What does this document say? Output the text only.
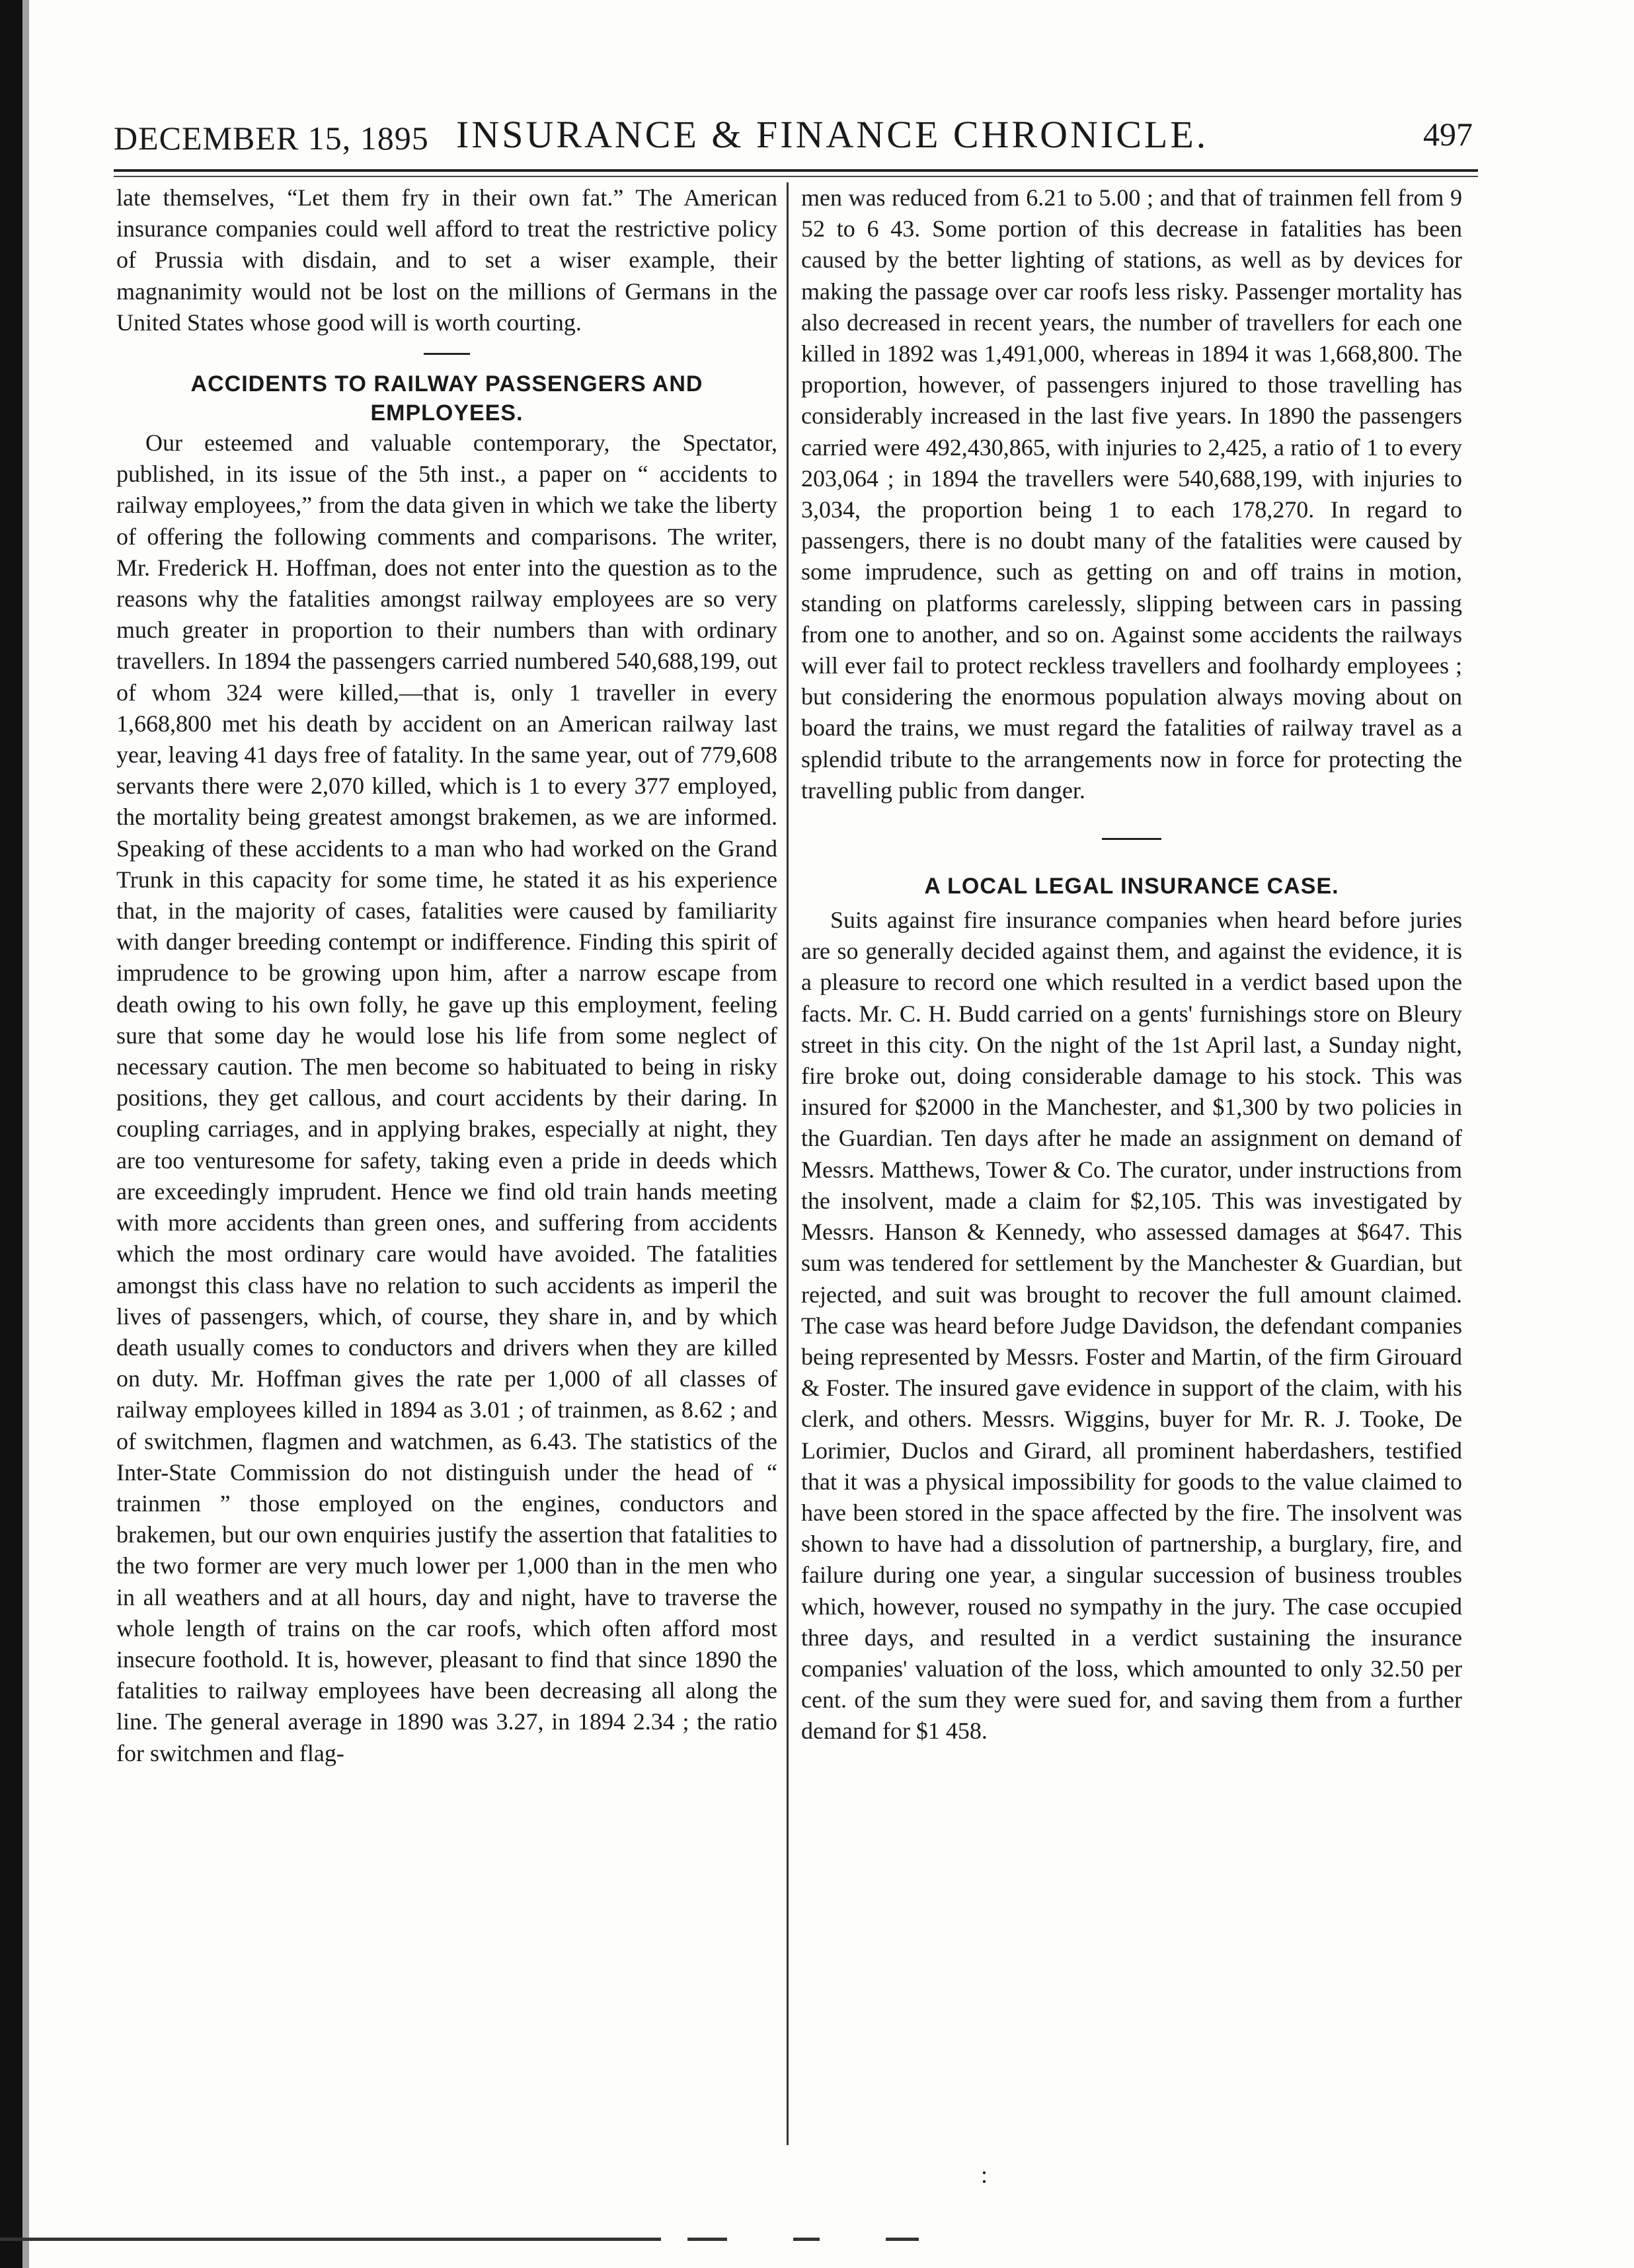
DECEMBER 15, 1895 INSURANCE & FINANCE CHRONICLE.	497

late themselves, “Let them fry in their own fat.” The American insurance companies could well afford to treat the restrictive policy of Prussia with disdain, and to set a wiser example, their magnanimity would not be lost on the millions of Germans in the United States whose good will is worth courting.

ACCIDENTS TO RAILWAY PASSENGERS AND EMPLOYEES.

Our esteemed and valuable contemporary, the Spectator, published, in its issue of the 5th inst., a paper on “ accidents to railway employees,” from the data given in which we take the liberty of offering the following comments and comparisons. The writer, Mr. Frederick H. Hoffman, does not enter into the question as to the reasons why the fatalities amongst railway employees are so very much greater in proportion to their numbers than with ordinary travellers. In 1894 the passengers carried numbered 540,688,199, out of whom 324 were killed,—that is, only 1 traveller in every 1,668,800 met his death by accident on an American railway last year, leaving 41 days free of fatality. In the same year, out of 779,608 servants there were 2,070 killed, which is 1 to every 377 employed, the mortality being greatest amongst brakemen, as we are informed. Speaking of these accidents to a man who had worked on the Grand Trunk in this capacity for some time, he stated it as his experience that, in the majority of cases, fatalities were caused by familiarity with danger breeding contempt or indifference. Finding this spirit of imprudence to be growing upon him, after a narrow escape from death owing to his own folly, he gave up this employment, feeling sure that some day he would lose his life from some neglect of necessary caution. The men become so habituated to being in risky positions, they get callous, and court accidents by their daring. In coupling carriages, and in applying brakes, especially at night, they are too venturesome for safety, taking even a pride in deeds which are exceedingly imprudent. Hence we find old train hands meeting with more accidents than green ones, and suffering from accidents which the most ordinary care would have avoided. The fatalities amongst this class have no relation to such accidents as imperil the lives of passengers, which, of course, they share in, and by which death usually comes to conductors and drivers when they are killed on duty. Mr. Hoffman gives the rate per 1,000 of all classes of railway employees killed in 1894 as 3.01 ; of trainmen, as 8.62 ; and of switchmen, flagmen and watchmen, as 6.43. The statistics of the Inter-State Commission do not distinguish under the head of “ trainmen ” those employed on the engines, conductors and brakemen, but our own enquiries justify the assertion that fatalities to the two former are very much lower per 1,000 than in the men who in all weathers and at all hours, day and night, have to traverse the whole length of trains on the car roofs, which often afford most insecure foothold. It is, however, pleasant to find that since 1890 the fatalities to railway employees have been decreasing all along the line. The general average in 1890 was 3.27, in 1894 2.34 ; the ratio for switchmen and flag-

men was reduced from 6.21 to 5.00 ; and that of trainmen fell from 9 52 to 6 43. Some portion of this decrease in fatalities has been caused by the better lighting of stations, as well as by devices for making the passage over car roofs less risky. Passenger mortality has also decreased in recent years, the number of travellers for each one killed in 1892 was 1,491,000, whereas in 1894 it was 1,668,800. The proportion, however, of passengers injured to those travelling has considerably increased in the last five years. In 1890 the passengers carried were 492,430,865, with injuries to 2,425, a ratio of 1 to every 203,064 ; in 1894 the travellers were 540,688,199, with injuries to 3,034, the proportion being 1 to each 178,270. In regard to passengers, there is no doubt many of the fatalities were caused by some imprudence, such as getting on and off trains in motion, standing on platforms carelessly, slipping between cars in passing from one to another, and so on. Against some accidents the railways will ever fail to protect reckless travellers and foolhardy employees ; but considering the enormous population always moving about on board the trains, we must regard the fatalities of railway travel as a splendid tribute to the arrangements now in force for protecting the travelling public from danger.

A LOCAL LEGAL INSURANCE CASE.

Suits against fire insurance companies when heard before juries are so generally decided against them, and against the evidence, it is a pleasure to record one which resulted in a verdict based upon the facts. Mr. C. H. Budd carried on a gents' furnishings store on Bleury street in this city. On the night of the 1st April last, a Sunday night, fire broke out, doing considerable damage to his stock. This was insured for $2000 in the Manchester, and $1,300 by two policies in the Guardian. Ten days after he made an assignment on demand of Messrs. Matthews, Tower & Co. The curator, under instructions from the insolvent, made a claim for $2,105. This was investigated by Messrs. Hanson & Kennedy, who assessed damages at $647. This sum was tendered for settlement by the Manchester & Guardian, but rejected, and suit was brought to recover the full amount claimed. The case was heard before Judge Davidson, the defendant companies being represented by Messrs. Foster and Martin, of the firm Girouard & Foster. The insured gave evidence in support of the claim, with his clerk, and others. Messrs. Wiggins, buyer for Mr. R. J. Tooke, De Lorimier, Duclos and Girard, all prominent haberdashers, testified that it was a physical impossibility for goods to the value claimed to have been stored in the space affected by the fire. The insolvent was shown to have had a dissolution of partnership, a burglary, fire, and failure during one year, a singular succession of business troubles which, however, roused no sympathy in the jury. The case occupied three days, and resulted in a verdict sustaining the insurance companies' valuation of the loss, which amounted to only 32.50 per cent. of the sum they were sued for, and saving them from a further demand for $1 458.

:
